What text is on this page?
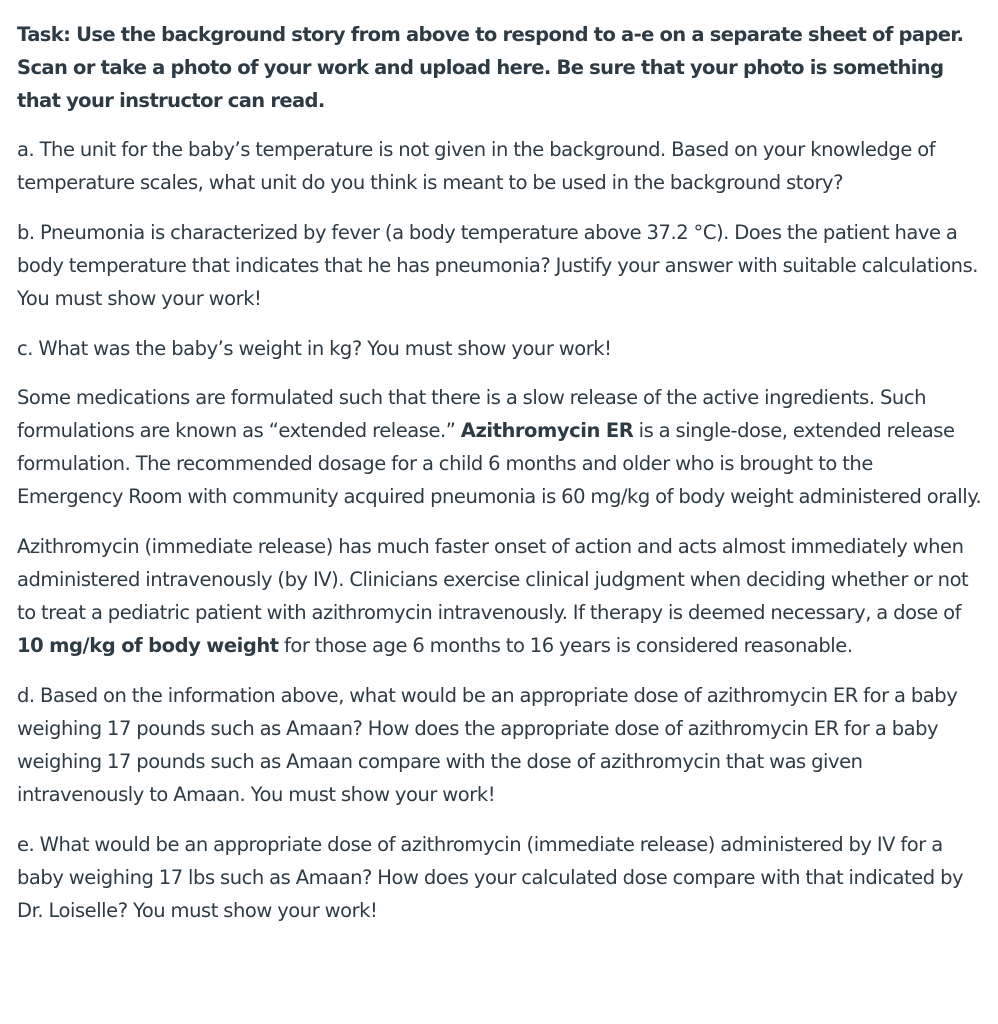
Task: Use the background story from above to respond to a-e on a separate sheet of paper. Scan or take a photo of your work and upload here. Be sure that your photo is something that your instructor can read.

a. The unit for the baby’s temperature is not given in the background. Based on your knowledge of temperature scales, what unit do you think is meant to be used in the background story?

b. Pneumonia is characterized by fever (a body temperature above 37.2 °C). Does the patient have a body temperature that indicates that he has pneumonia? Justify your answer with suitable calculations. You must show your work!

c. What was the baby’s weight in kg? You must show your work!

Some medications are formulated such that there is a slow release of the active ingredients. Such formulations are known as “extended release.” Azithromycin ER is a single-dose, extended release formulation. The recommended dosage for a child 6 months and older who is brought to the Emergency Room with community acquired pneumonia is 60 mg/kg of body weight administered orally.

Azithromycin (immediate release) has much faster onset of action and acts almost immediately when administered intravenously (by IV). Clinicians exercise clinical judgment when deciding whether or not to treat a pediatric patient with azithromycin intravenously. If therapy is deemed necessary, a dose of 10 mg/kg of body weight for those age 6 months to 16 years is considered reasonable.

d. Based on the information above, what would be an appropriate dose of azithromycin ER for a baby weighing 17 pounds such as Amaan? How does the appropriate dose of azithromycin ER for a baby weighing 17 pounds such as Amaan compare with the dose of azithromycin that was given intravenously to Amaan. You must show your work!

e. What would be an appropriate dose of azithromycin (immediate release) administered by IV for a baby weighing 17 lbs such as Amaan? How does your calculated dose compare with that indicated by Dr. Loiselle? You must show your work!
